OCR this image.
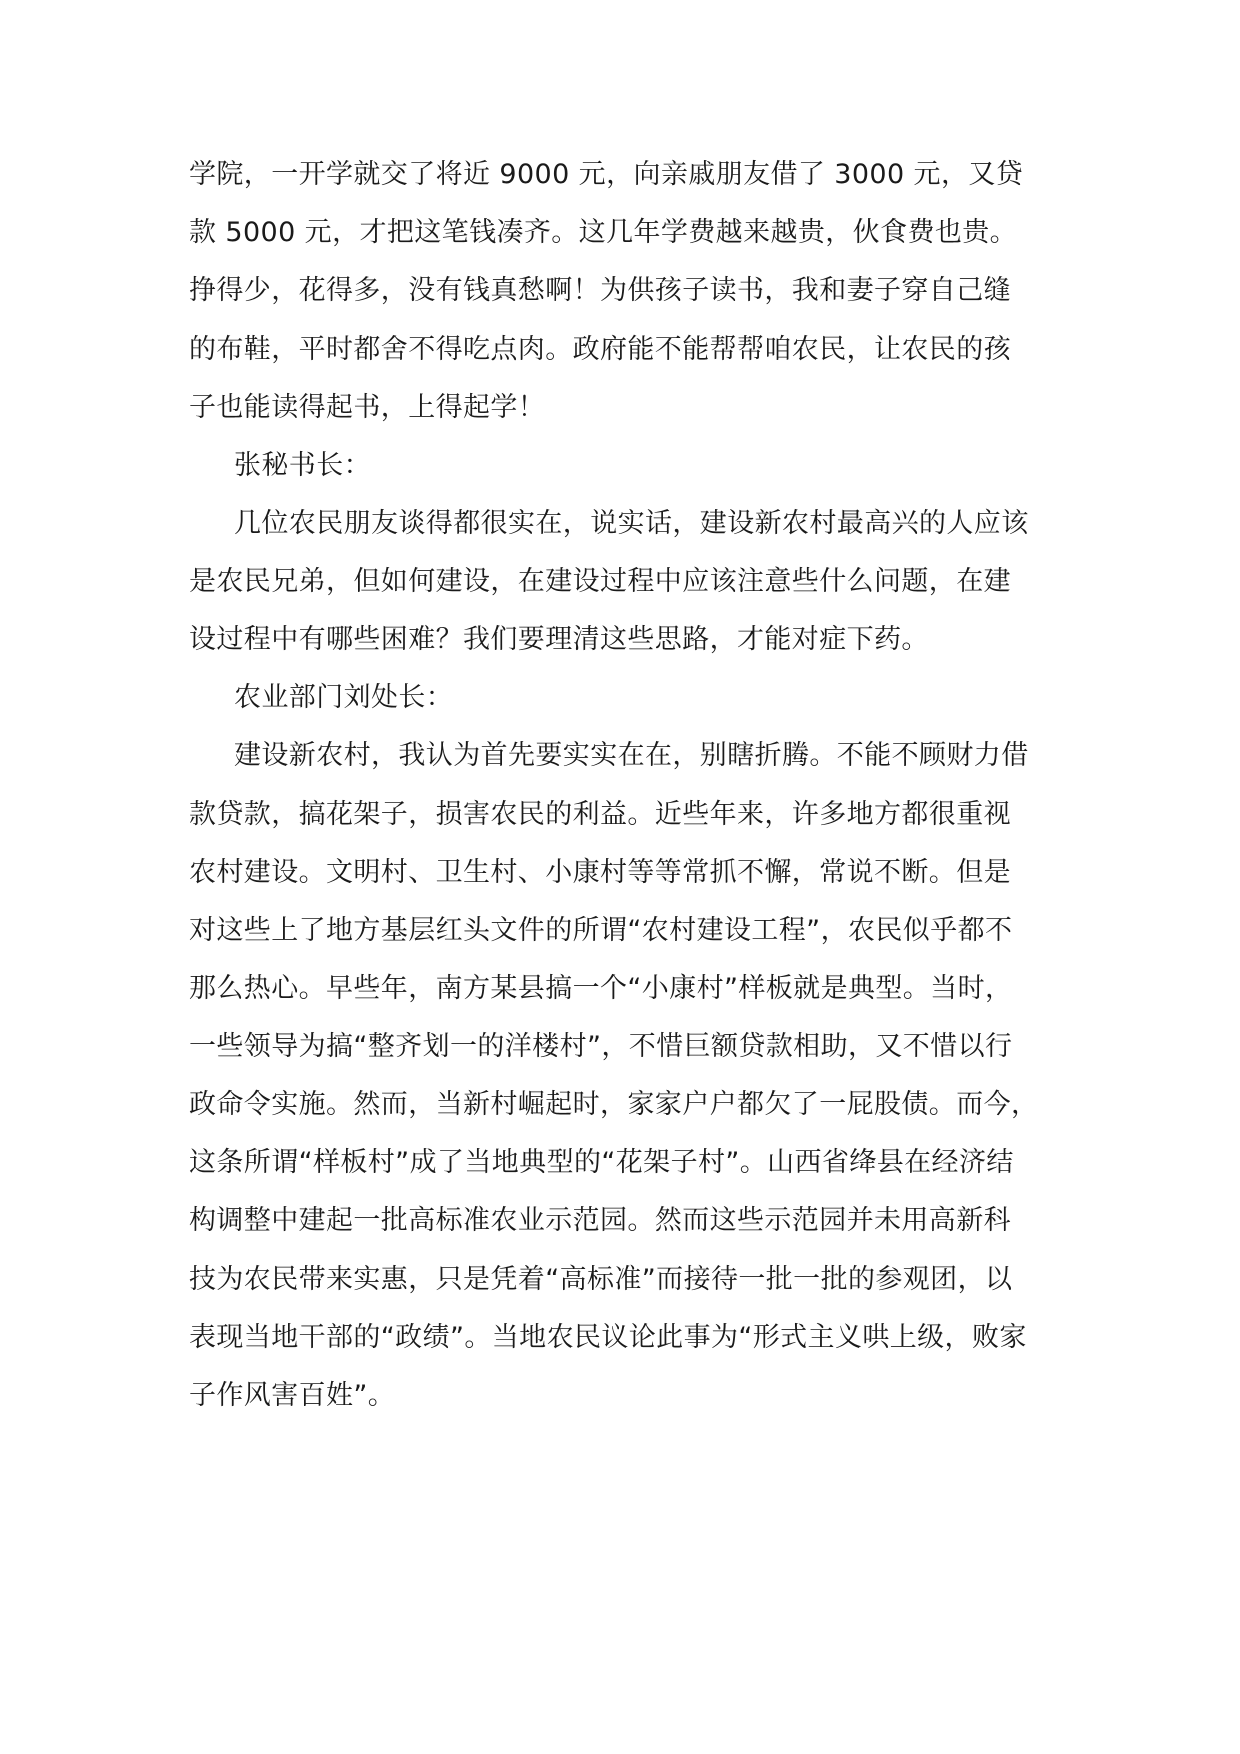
学院，一开学就交了将近 9000 元，向亲戚朋友借了 3000 元，又贷
款 5000 元，才把这笔钱凑齐。这几年学费越来越贵，伙食费也贵。
挣得少，花得多，没有钱真愁啊！为供孩子读书，我和妻子穿自己缝
的布鞋，平时都舍不得吃点肉。政府能不能帮帮咱农民，让农民的孩
子也能读得起书，上得起学！
张秘书长：
几位农民朋友谈得都很实在，说实话，建设新农村最高兴的人应该
是农民兄弟，但如何建设，在建设过程中应该注意些什么问题，在建
设过程中有哪些困难？我们要理清这些思路，才能对症下药。
农业部门刘处长：
建设新农村，我认为首先要实实在在，别瞎折腾。不能不顾财力借
款贷款，搞花架子，损害农民的利益。近些年来，许多地方都很重视
农村建设。文明村、卫生村、小康村等等常抓不懈，常说不断。但是
对这些上了地方基层红头文件的所谓“农村建设工程”，农民似乎都不
那么热心。早些年，南方某县搞一个“小康村”样板就是典型。当时，
一些领导为搞“整齐划一的洋楼村”，不惜巨额贷款相助，又不惜以行
政命令实施。然而，当新村崛起时，家家户户都欠了一屁股债。而今，
这条所谓“样板村”成了当地典型的“花架子村”。山西省绛县在经济结
构调整中建起一批高标准农业示范园。然而这些示范园并未用高新科
技为农民带来实惠，只是凭着“高标准”而接待一批一批的参观团，以
表现当地干部的“政绩”。当地农民议论此事为“形式主义哄上级，败家
子作风害百姓”。
